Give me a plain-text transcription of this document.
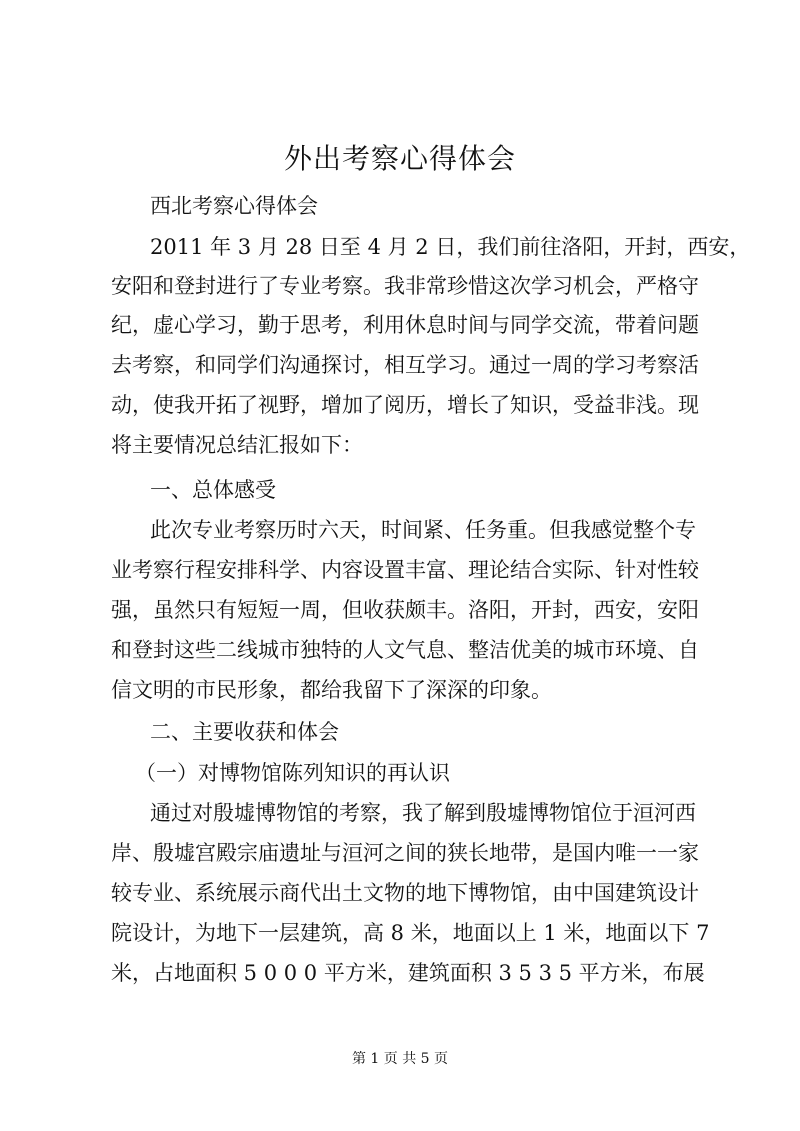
外出考察心得体会

西北考察心得体会

2011 年 3 月 28 日至 4 月 2 日，我们前往洛阳，开封，西安，

安阳和登封进行了专业考察。我非常珍惜这次学习机会，严格守

纪，虚心学习，勤于思考，利用休息时间与同学交流，带着问题

去考察，和同学们沟通探讨，相互学习。通过一周的学习考察活

动，使我开拓了视野，增加了阅历，增长了知识，受益非浅。现

将主要情况总结汇报如下：

一、总体感受

此次专业考察历时六天，时间紧、任务重。但我感觉整个专

业考察行程安排科学、内容设置丰富、理论结合实际、针对性较

强，虽然只有短短一周，但收获颇丰。洛阳，开封，西安，安阳

和登封这些二线城市独特的人文气息、整洁优美的城市环境、自

信文明的市民形象，都给我留下了深深的印象。

二、主要收获和体会

（一）对博物馆陈列知识的再认识

通过对殷墟博物馆的考察，我了解到殷墟博物馆位于洹河西

岸、殷墟宫殿宗庙遗址与洹河之间的狭长地带，是国内唯一一家

较专业、系统展示商代出土文物的地下博物馆，由中国建筑设计

院设计，为地下一层建筑，高 8 米，地面以上 1 米，地面以下 7

米，占地面积 5 0 0 0 平方米，建筑面积 3 5 3 5 平方米，布展

第 1 页 共 5 页
